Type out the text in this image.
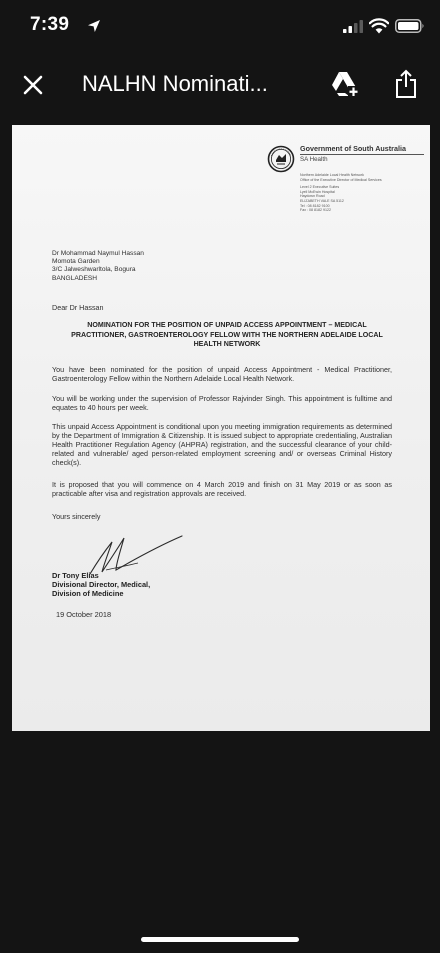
7:39
NALHN Nominati...
Government of South Australia
SA Health
Northern Adelaide Local Health Network
Office of the Executive Director of Medical Services
Level 2 Executive Suites
Lyell McEwin Hospital
Haydown Road
ELIZABETH VALE SA 5112
Tel : 08 8182 9100
Fax : 08 8182 9122
Dr Mohammad Naymul Hassan
Momota Garden
3/C Jalweshwarltola, Bogura
BANGLADESH
Dear Dr Hassan
NOMINATION FOR THE POSITION OF UNPAID ACCESS APPOINTMENT – MEDICAL PRACTITIONER, GASTROENTEROLOGY FELLOW WITH THE NORTHERN ADELAIDE LOCAL HEALTH NETWORK
You have been nominated for the position of unpaid Access Appointment - Medical Practitioner, Gastroenterology Fellow within the Northern Adelaide Local Health Network.
You will be working under the supervision of Professor Rajvinder Singh. This appointment is fulltime and equates to 40 hours per week.
This unpaid Access Appointment is conditional upon you meeting immigration requirements as determined by the Department of Immigration & Citizenship. It is issued subject to appropriate credentialing, Australian Health Practitioner Regulation Agency (AHPRA) registration, and the successful clearance of your child-related and vulnerable/ aged person-related employment screening and/ or overseas Criminal History check(s).
It is proposed that you will commence on 4 March 2019 and finish on 31 May 2019 or as soon as practicable after visa and registration approvals are received.
Yours sincerely
Dr Tony Elias
Divisional Director, Medical,
Division of Medicine
19 October 2018
